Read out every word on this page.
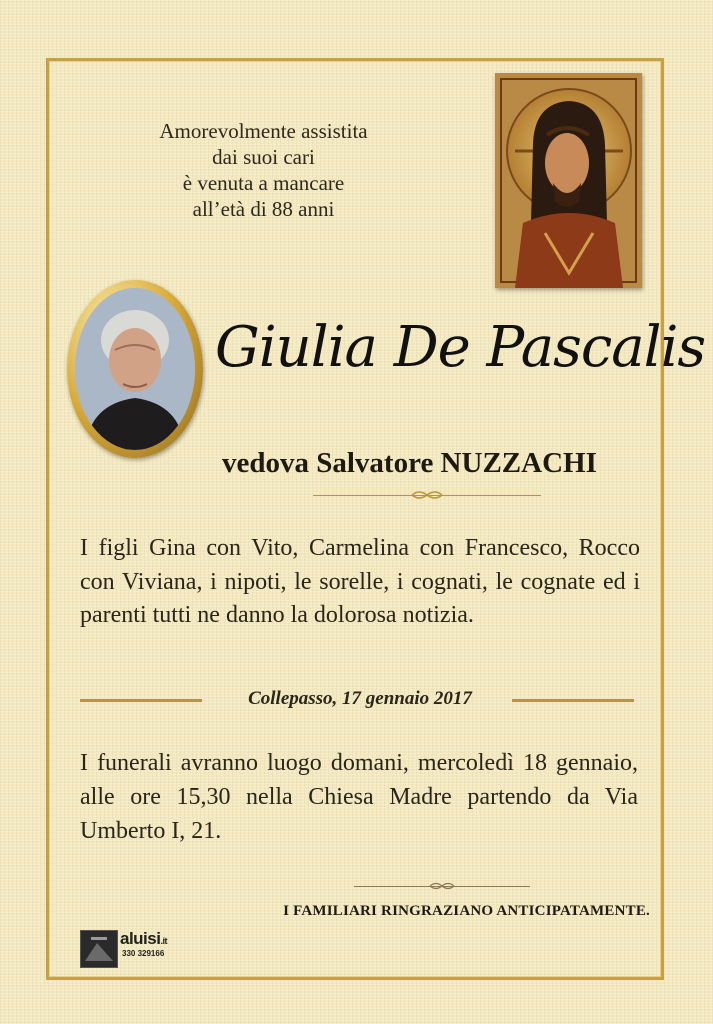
Amorevolmente assistita
dai suoi cari
è venuta a mancare
all’età di 88 anni
Giulia De Pascalis
vedova Salvatore NUZZACHI
I figli Gina con Vito, Carmelina con Francesco, Rocco con Viviana, i nipoti, le sorelle, i cognati, le cognate ed i parenti tutti ne danno la dolorosa notizia.
Collepasso, 17 gennaio 2017
I funerali avranno luogo domani, mercoledì 18 gennaio, alle ore 15,30 nella Chiesa Madre partendo da Via Umberto I, 21.
I FAMILIARI RINGRAZIANO ANTICIPATAMENTE.
aluisi.it
330 329166
